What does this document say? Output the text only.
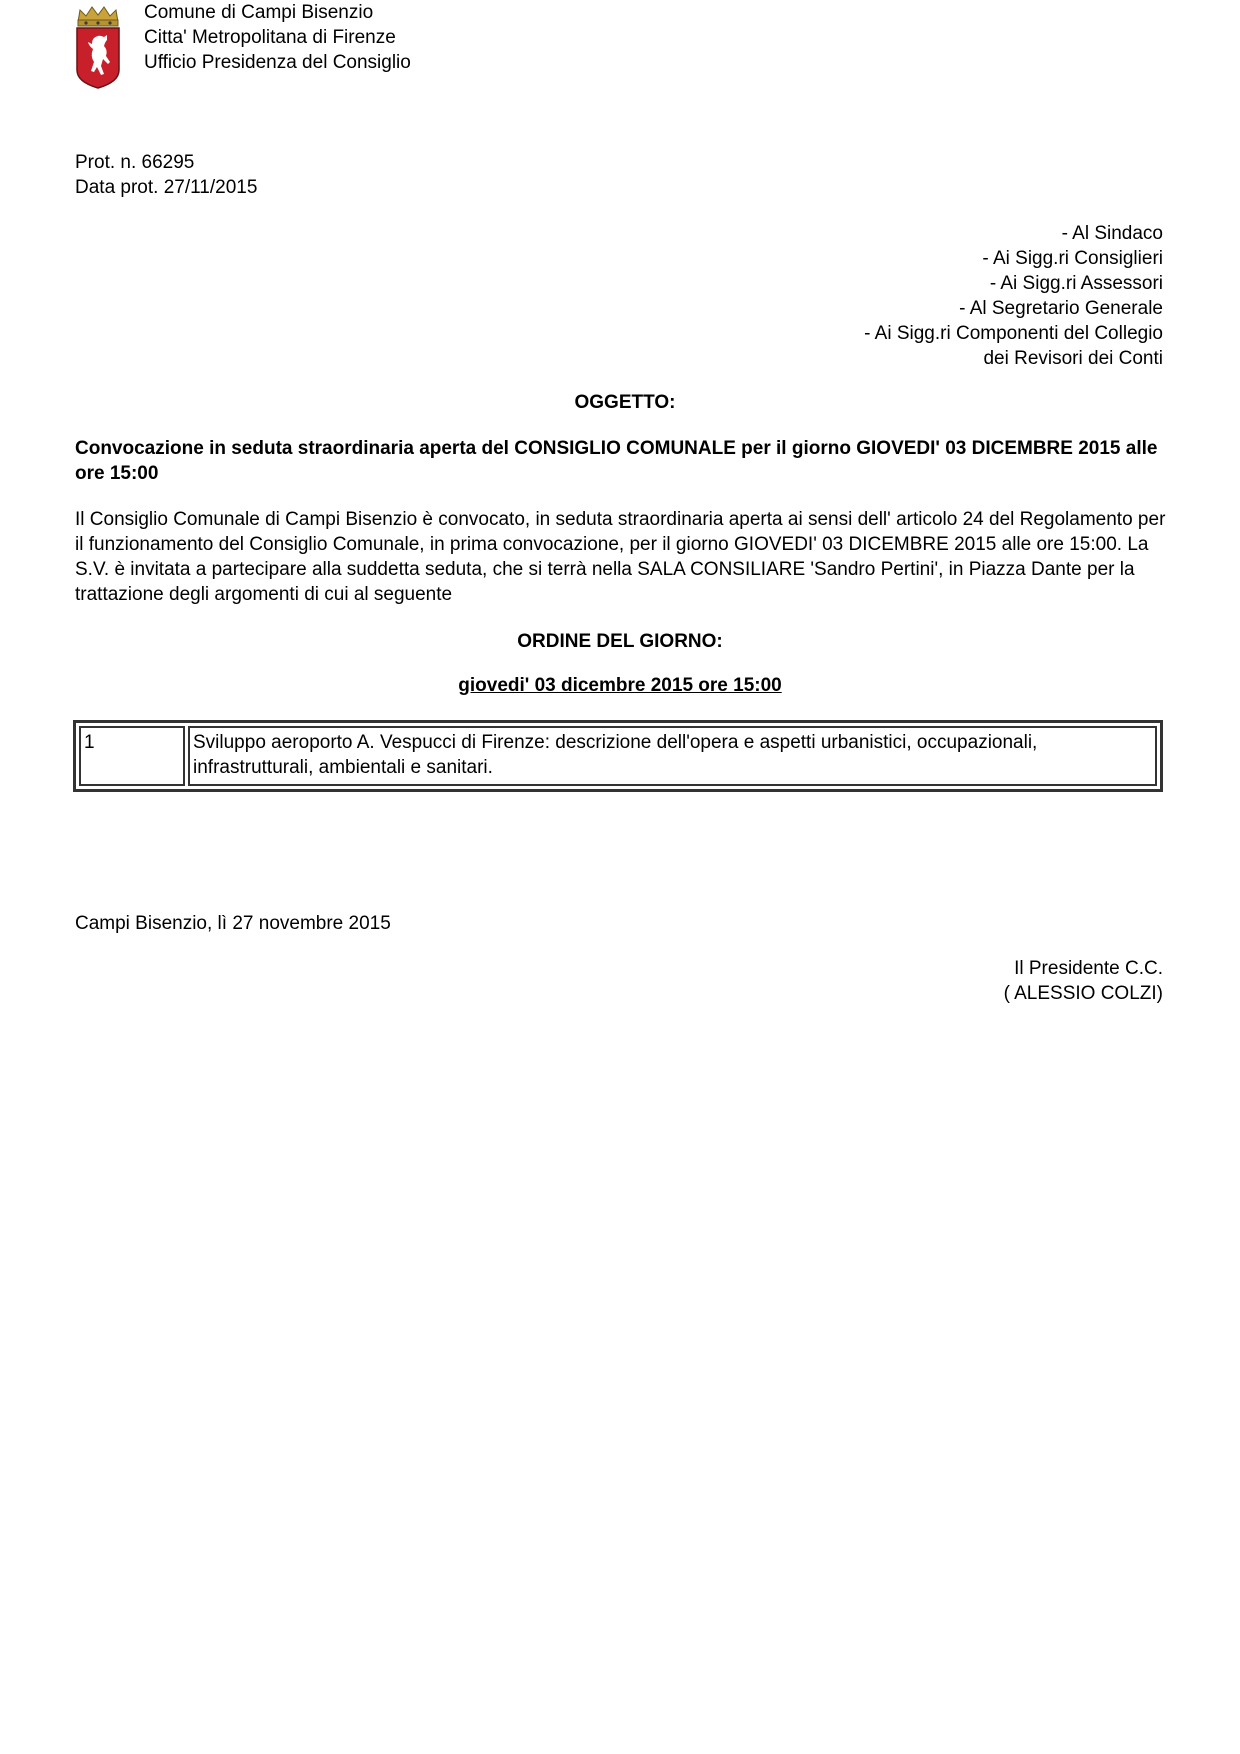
Comune di Campi Bisenzio
Citta' Metropolitana di Firenze
Ufficio Presidenza del Consiglio
Prot. n. 66295
Data prot. 27/11/2015
- Al Sindaco
- Ai Sigg.ri Consiglieri
- Ai Sigg.ri Assessori
- Al Segretario Generale
- Ai Sigg.ri Componenti del Collegio
dei Revisori dei Conti
OGGETTO:
Convocazione in seduta straordinaria aperta del CONSIGLIO COMUNALE per il giorno GIOVEDI' 03 DICEMBRE 2015 alle ore 15:00
Il Consiglio Comunale di Campi Bisenzio è convocato, in seduta straordinaria aperta ai sensi dell' articolo 24 del Regolamento per il funzionamento del Consiglio Comunale, in prima convocazione, per il giorno GIOVEDI' 03 DICEMBRE 2015 alle ore 15:00. La S.V. è invitata a partecipare alla suddetta seduta, che si terrà nella SALA CONSILIARE 'Sandro Pertini', in Piazza Dante per la trattazione degli argomenti di cui al seguente
ORDINE DEL GIORNO:
giovedi' 03 dicembre 2015 ore 15:00
1	Sviluppo aeroporto A. Vespucci di Firenze: descrizione dell'opera e aspetti urbanistici, occupazionali, infrastrutturali, ambientali e sanitari.
Campi Bisenzio, lì 27 novembre 2015
Il Presidente C.C.
( ALESSIO COLZI)
